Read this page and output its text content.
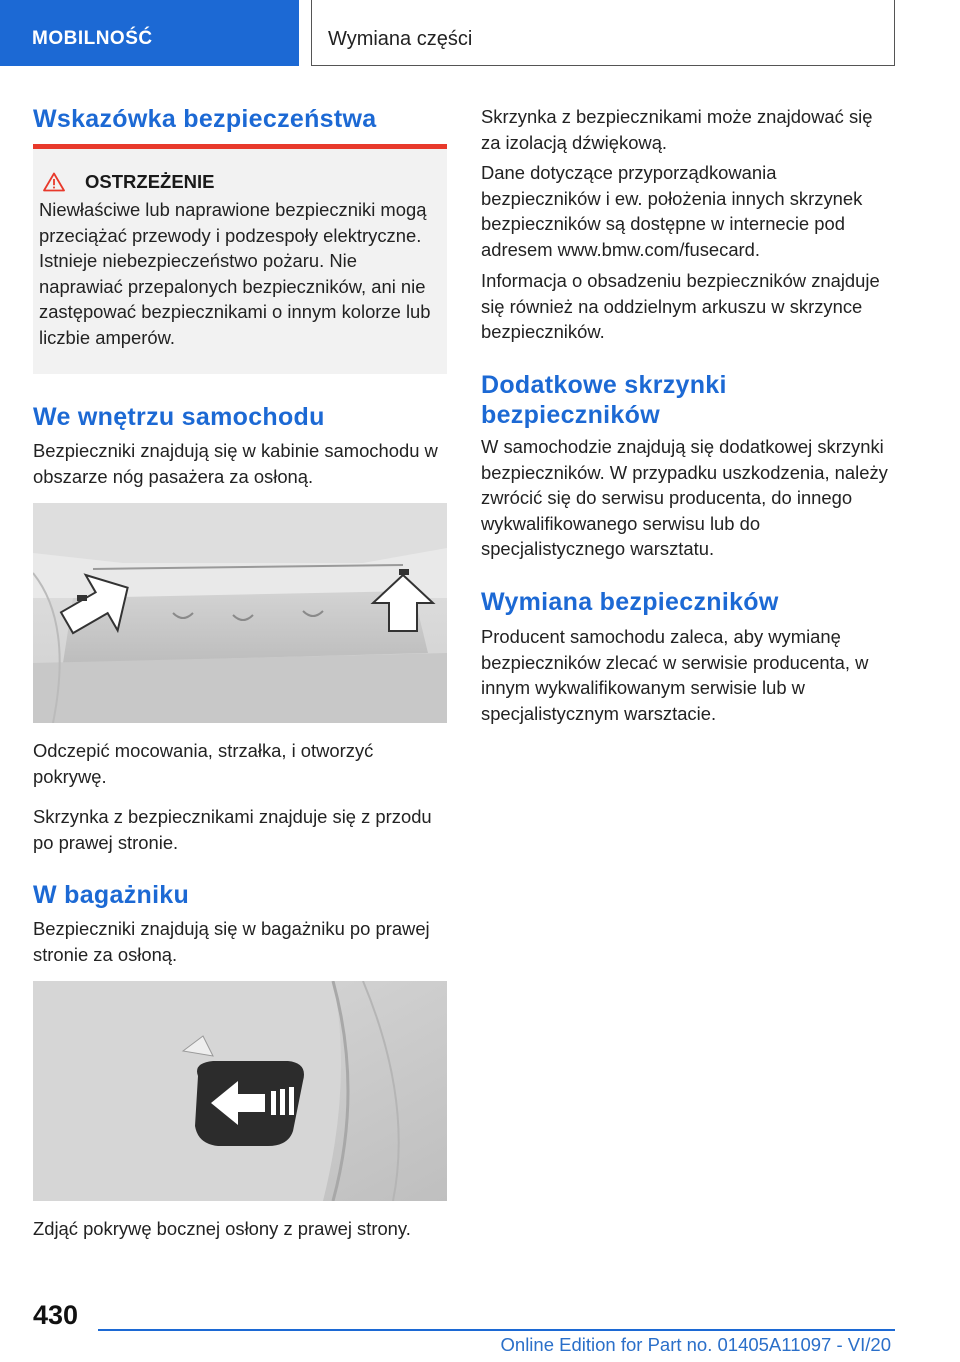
MOBILNOŚĆ	Wymiana części
Wskazówka bezpieczeństwa
OSTRZEŻENIE

Niewłaściwe lub naprawione bezpieczniki mogą przeciążać przewody i podzespoły elektryczne. Istnieje niebezpieczeństwo pożaru. Nie naprawiać przepalonych bezpieczników, ani nie zastępować bezpiecznikami o innym kolorze lub liczbie amperów.

We wnętrzu samochodu

Bezpieczniki znajdują się w kabinie samochodu w obszarze nóg pasażera za osłoną.

Odczepić mocowania, strzałka, i otworzyć pokrywę.

Skrzynka z bezpiecznikami znajduje się z przodu po prawej stronie.

W bagażniku

Bezpieczniki znajdują się w bagażniku po prawej stronie za osłoną.

Zdjąć pokrywę bocznej osłony z prawej strony.

Skrzynka z bezpiecznikami może znajdować się za izolacją dźwiękową.

Dane dotyczące przyporządkowania bezpieczników i ew. położenia innych skrzynek bezpieczników są dostępne w internecie pod adresem www.bmw.com/fusecard.

Informacja o obsadzeniu bezpieczników znajduje się również na oddzielnym arkuszu w skrzynce bezpieczników.

Dodatkowe skrzynki bezpieczników

W samochodzie znajdują się dodatkowej skrzynki bezpieczników. W przypadku uszkodzenia, należy zwrócić się do serwisu producenta, do innego wykwalifikowanego serwisu lub do specjalistycznego warsztatu.

Wymiana bezpieczników

Producent samochodu zaleca, aby wymianę bezpieczników zlecać w serwisie producenta, w innym wykwalifikowanym serwisie lub w specjalistycznym warsztacie.

430
Online Edition for Part no. 01405A11097 - VI/20
